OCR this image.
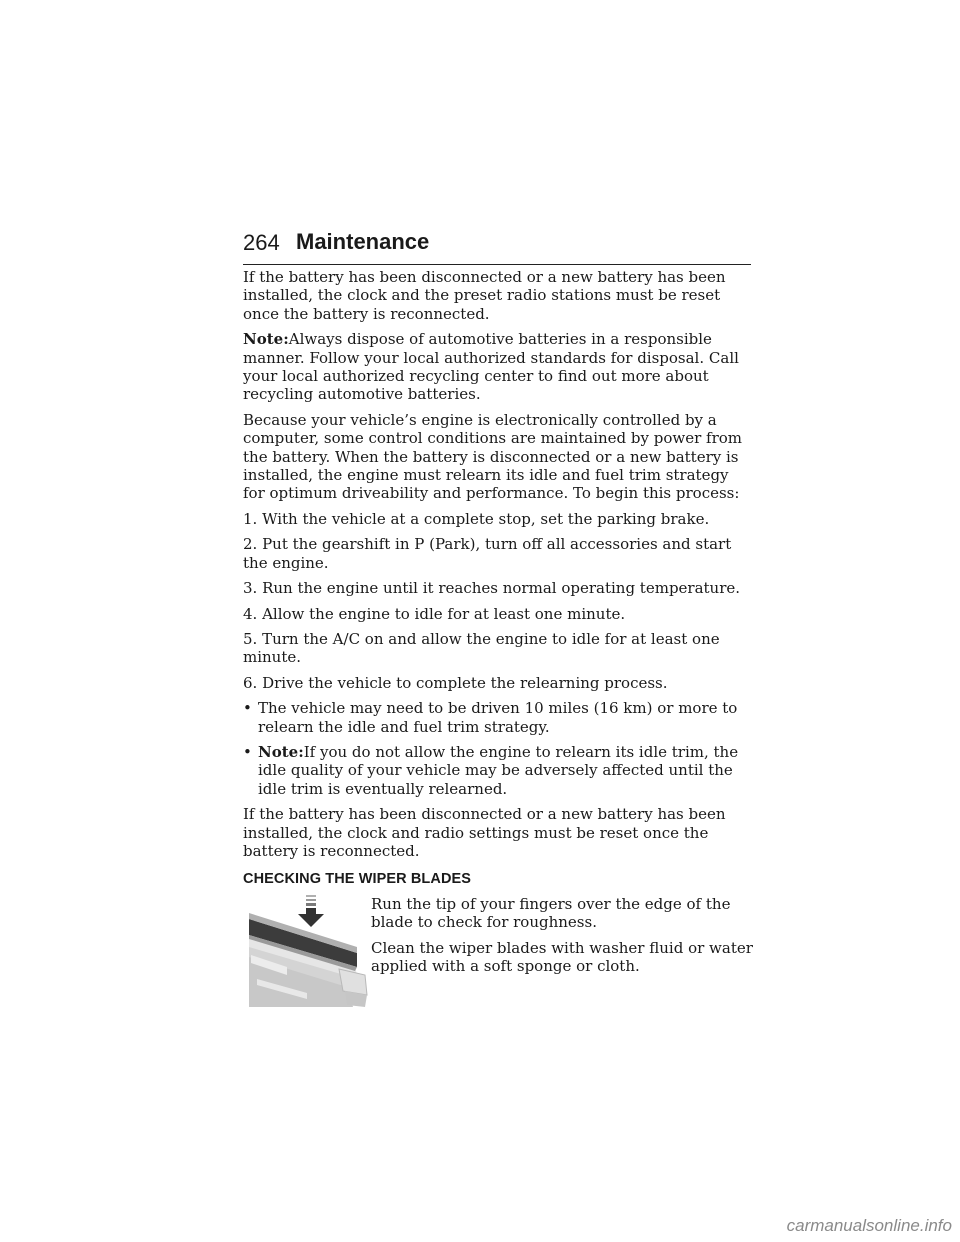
264 Maintenance

If the battery has been disconnected or a new battery has been installed, the clock and the preset radio stations must be reset once the battery is reconnected.

Note:Always dispose of automotive batteries in a responsible manner. Follow your local authorized standards for disposal. Call your local authorized recycling center to find out more about recycling automotive batteries.

Because your vehicle’s engine is electronically controlled by a computer, some control conditions are maintained by power from the battery. When the battery is disconnected or a new battery is installed, the engine must relearn its idle and fuel trim strategy for optimum driveability and performance. To begin this process:

1. With the vehicle at a complete stop, set the parking brake.

2. Put the gearshift in P (Park), turn off all accessories and start the engine.

3. Run the engine until it reaches normal operating temperature.

4. Allow the engine to idle for at least one minute.

5. Turn the A/C on and allow the engine to idle for at least one minute.

6. Drive the vehicle to complete the relearning process.

• The vehicle may need to be driven 10 miles (16 km) or more to relearn the idle and fuel trim strategy.
• Note:If you do not allow the engine to relearn its idle trim, the idle quality of your vehicle may be adversely affected until the idle trim is eventually relearned.

If the battery has been disconnected or a new battery has been installed, the clock and radio settings must be reset once the battery is reconnected.

CHECKING THE WIPER BLADES

Run the tip of your fingers over the edge of the blade to check for roughness.

Clean the wiper blades with washer fluid or water applied with a soft sponge or cloth.

carmanualsonline.info
